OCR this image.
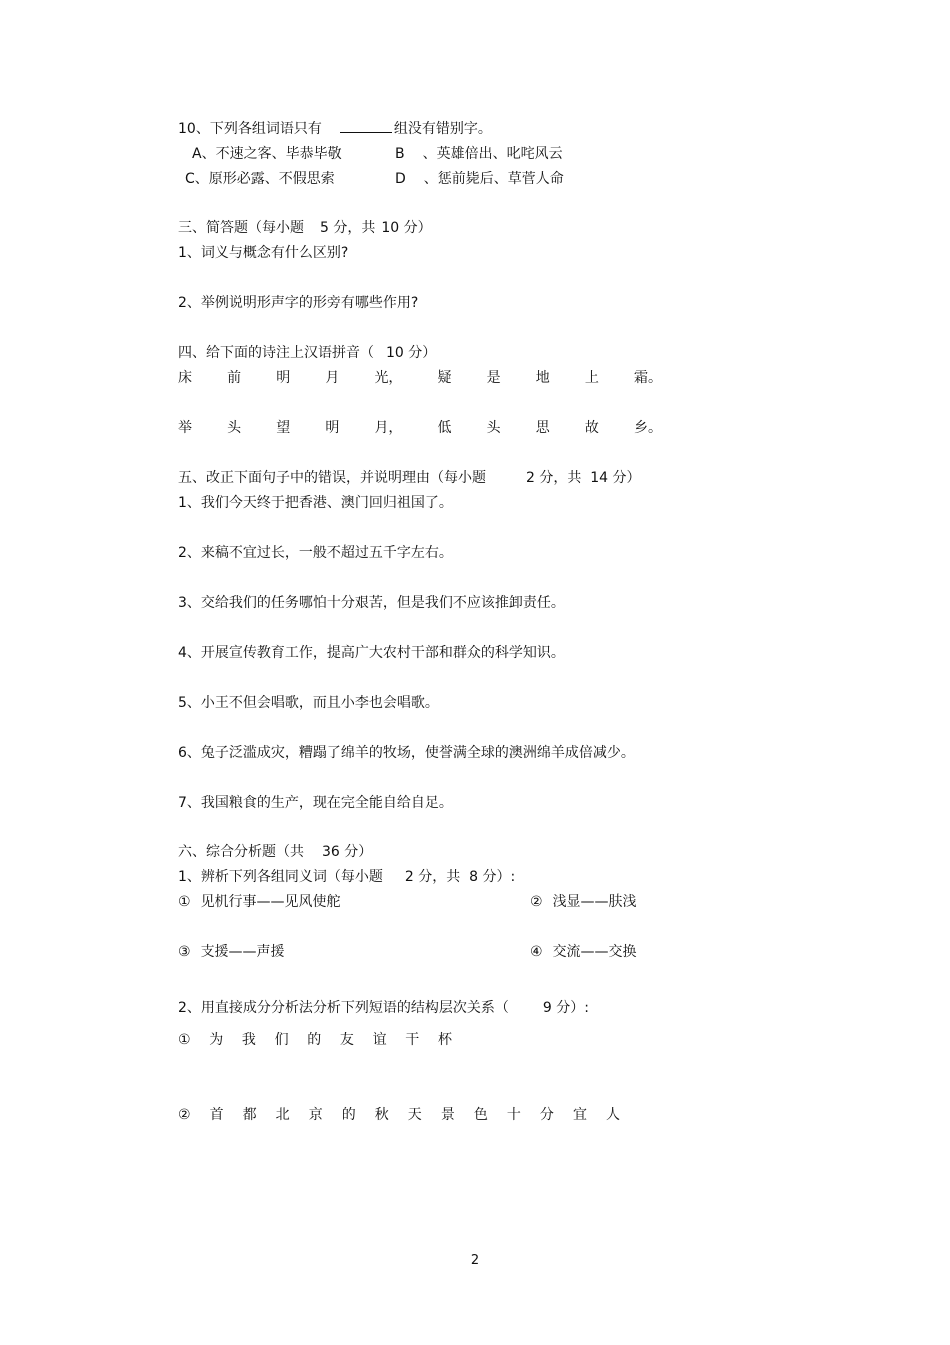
10、下列各组词语只有	组没有错别字。
A、不速之客、毕恭毕敬	B 、英雄倍出、叱咤风云
C、原形必露、不假思索	D 、惩前毙后、草菅人命
三、简答题（每小题 5 分，共 10 分）
1、词义与概念有什么区别?
2、举例说明形声字的形旁有哪些作用?
四、给下面的诗注上汉语拼音（ 10 分）
床	前	明	月	光，	疑	是	地	上	霜。
举	头	望	明	月，	低	头	思	故	乡。
五、改正下面句子中的错误，并说明理由（每小题	2 分，共  14 分）
1、我们今天终于把香港、澳门回归祖国了。
2、来稿不宜过长，一般不超过五千字左右。
3、交给我们的任务哪怕十分艰苦，但是我们不应该推卸责任。
4、开展宣传教育工作，提高广大农村干部和群众的科学知识。
5、小王不但会唱歌，而且小李也会唱歌。
6、兔子泛滥成灾，糟蹋了绵羊的牧场，使誉满全球的澳洲绵羊成倍减少。
7、我国粮食的生产，现在完全能自给自足。
六、综合分析题（共 36 分）
1、辨析下列各组同义词（每小题 2 分，共  8 分）:
① 见机行事——见风使舵	② 浅显——肤浅
③ 支援——声援	④ 交流——交换
2、用直接成分分析法分析下列短语的结构层次关系（ 9 分）:
① 为 我 们 的 友 谊 干 杯
② 首 都 北 京 的 秋 天 景 色 十 分 宜 人
2
